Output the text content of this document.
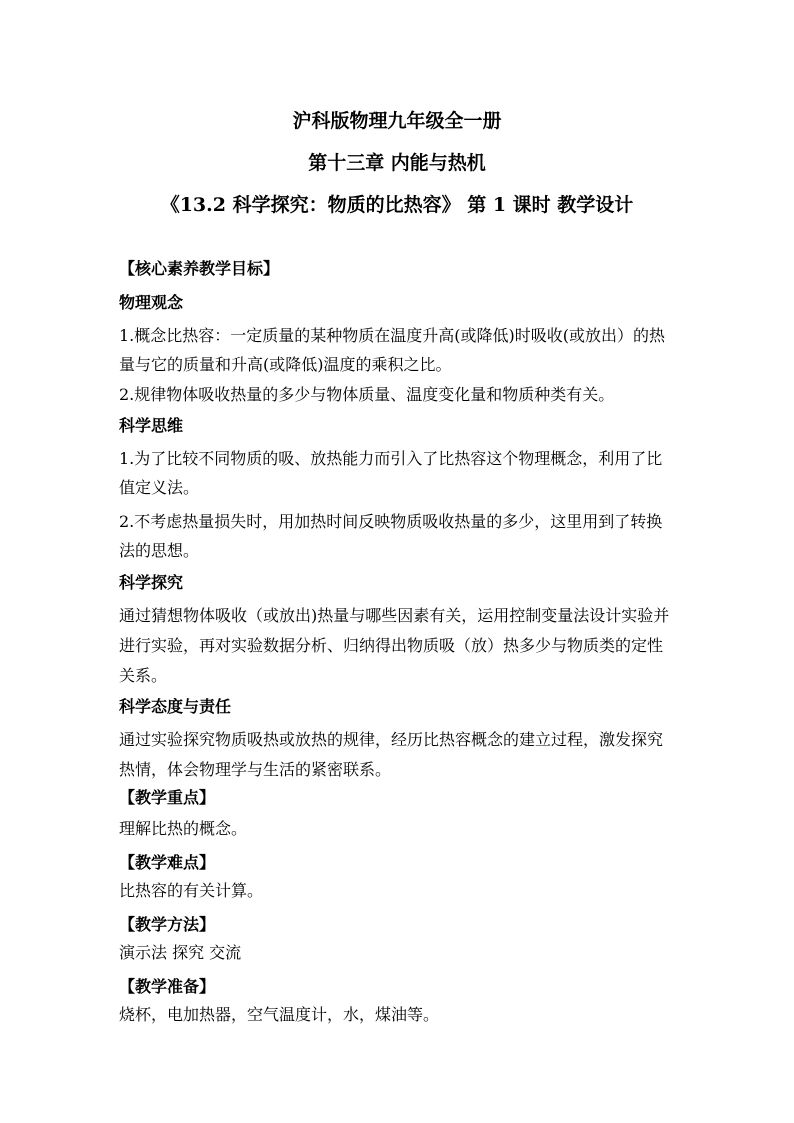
沪科版物理九年级全一册
第十三章 内能与热机
《13.2 科学探究：物质的比热容》 第 1 课时 教学设计
【核心素养教学目标】
物理观念
1.概念比热容：一定质量的某种物质在温度升高(或降低)时吸收(或放出）的热
量与它的质量和升高(或降低)温度的乘积之比。
2.规律物体吸收热量的多少与物体质量、温度变化量和物质种类有关。
科学思维
1.为了比较不同物质的吸、放热能力而引入了比热容这个物理概念，利用了比
值定义法。
2.不考虑热量损失时，用加热时间反映物质吸收热量的多少，这里用到了转换
法的思想。
科学探究
通过猜想物体吸收（或放出)热量与哪些因素有关，运用控制变量法设计实验并
进行实验，再对实验数据分析、归纳得出物质吸（放）热多少与物质类的定性
关系。
科学态度与责任
通过实验探究物质吸热或放热的规律，经历比热容概念的建立过程，激发探究
热情，体会物理学与生活的紧密联系。
【教学重点】
理解比热的概念。
【教学难点】
比热容的有关计算。
【教学方法】
演示法 探究 交流
【教学准备】
烧杯，电加热器，空气温度计，水，煤油等。
